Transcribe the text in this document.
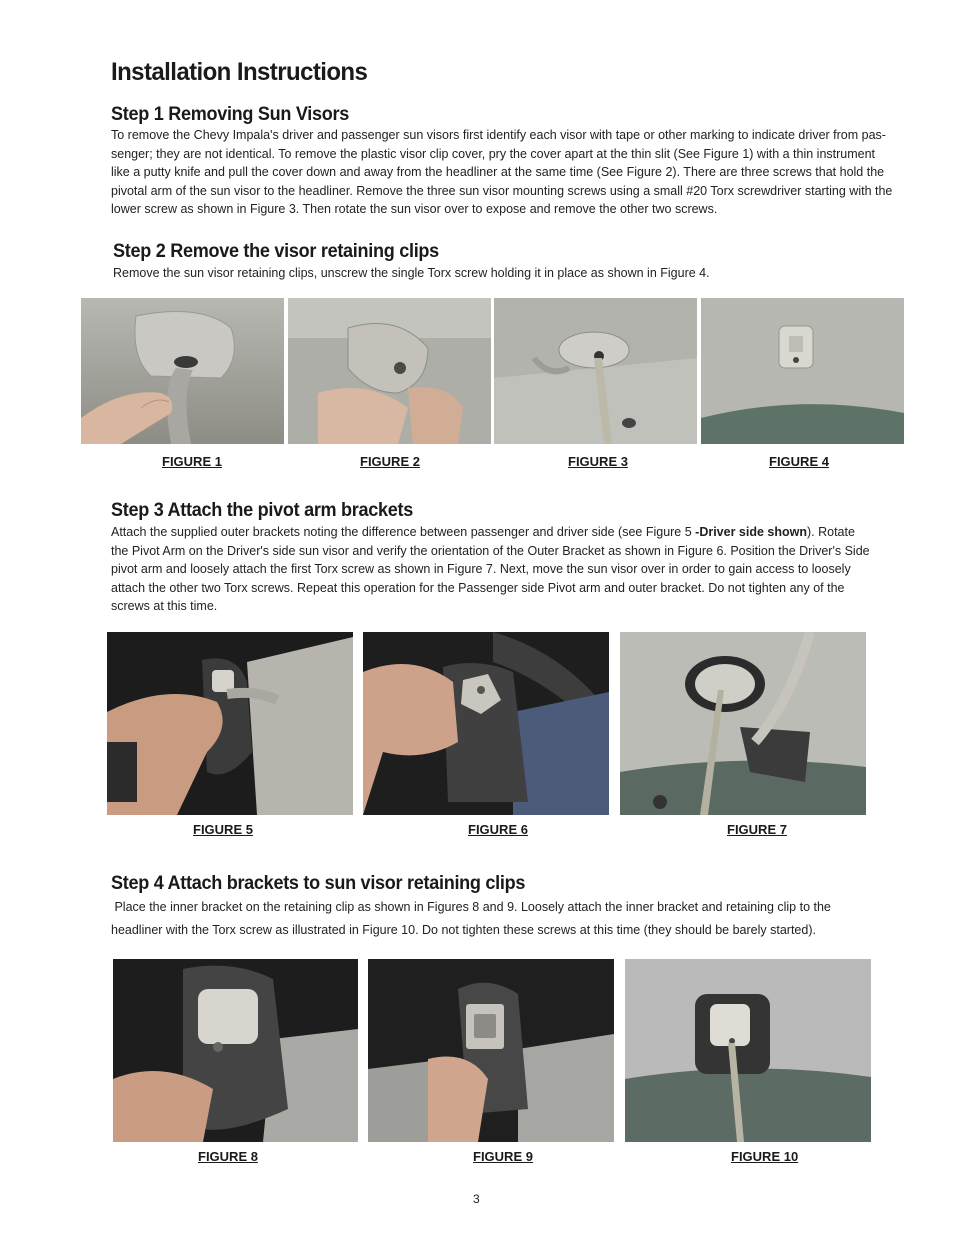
Installation Instructions
Step 1 Removing Sun Visors
To remove the Chevy Impala's driver and passenger sun visors first identify each visor with tape or other marking to indicate driver from pas-
senger; they are not identical. To remove the plastic visor clip cover, pry the cover apart at the thin slit (See Figure 1) with a thin instrument
like a putty knife and pull the cover down and away from the headliner at the same time (See Figure 2). There are three screws that hold the
pivotal arm of the sun visor to the headliner. Remove the three sun visor mounting screws using a small #20 Torx screwdriver starting with the
lower screw as shown in Figure 3. Then rotate the sun visor over to expose and remove the other two screws.
Step 2 Remove the visor retaining clips
Remove the sun visor retaining clips, unscrew the single Torx screw holding it in place as shown in Figure 4.
FIGURE 1	FIGURE 2	FIGURE 3	FIGURE 4
Step 3 Attach the pivot arm brackets
Attach the supplied outer brackets noting the difference between passenger and driver side (see Figure 5 -Driver side shown). Rotate
the Pivot Arm on the Driver's side sun visor and verify the orientation of the Outer Bracket as shown in Figure 6. Position the Driver's Side
pivot arm and loosely attach the first Torx screw as shown in Figure 7. Next, move the sun visor over in order to gain access to loosely
attach the other two Torx screws. Repeat this operation for the Passenger side Pivot arm and outer bracket. Do not tighten any of the
screws at this time.
FIGURE 5	FIGURE 6	FIGURE 7
Step 4 Attach brackets to sun visor retaining clips
Place the inner bracket on the retaining clip as shown in Figures 8 and 9. Loosely attach the inner bracket and retaining clip to the
headliner with the Torx screw as illustrated in Figure 10. Do not tighten these screws at this time (they should be barely started).
FIGURE 8	FIGURE 9	FIGURE 10
3
